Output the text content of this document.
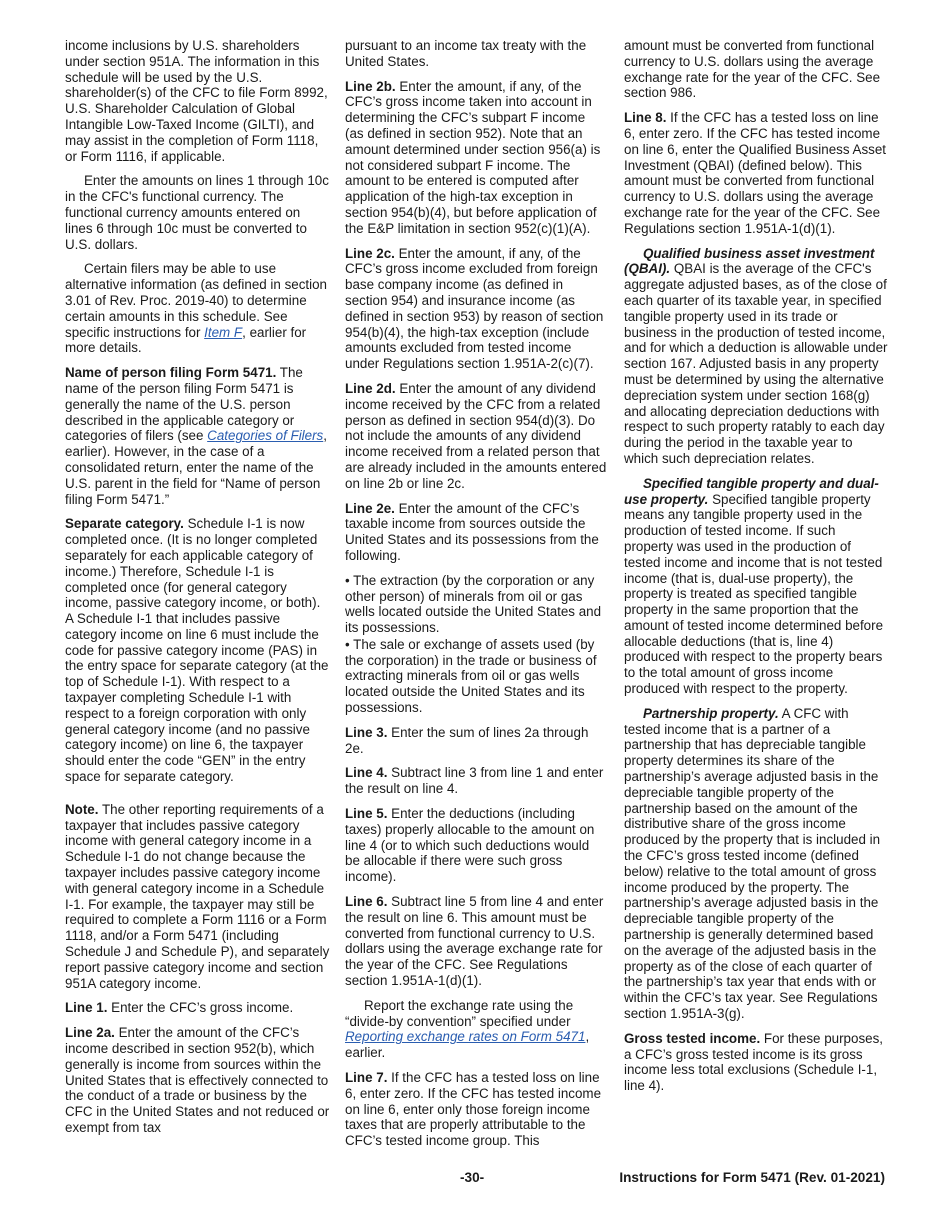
income inclusions by U.S. shareholders under section 951A. The information in this schedule will be used by the U.S. shareholder(s) of the CFC to file Form 8992, U.S. Shareholder Calculation of Global Intangible Low-Taxed Income (GILTI), and may assist in the completion of Form 1118, or Form 1116, if applicable.

Enter the amounts on lines 1 through 10c in the CFC's functional currency. The functional currency amounts entered on lines 6 through 10c must be converted to U.S. dollars.

Certain filers may be able to use alternative information (as defined in section 3.01 of Rev. Proc. 2019-40) to determine certain amounts in this schedule. See specific instructions for Item F, earlier for more details.

Name of person filing Form 5471. The name of the person filing Form 5471 is generally the name of the U.S. person described in the applicable category or categories of filers (see Categories of Filers, earlier). However, in the case of a consolidated return, enter the name of the U.S. parent in the field for “Name of person filing Form 5471.”

Separate category. Schedule I-1 is now completed once. (It is no longer completed separately for each applicable category of income.) Therefore, Schedule I-1 is completed once (for general category income, passive category income, or both). A Schedule I-1 that includes passive category income on line 6 must include the code for passive category income (PAS) in the entry space for separate category (at the top of Schedule I-1). With respect to a taxpayer completing Schedule I-1 with respect to a foreign corporation with only general category income (and no passive category income) on line 6, the taxpayer should enter the code “GEN” in the entry space for separate category.

Note. The other reporting requirements of a taxpayer that includes passive category income with general category income in a Schedule I-1 do not change because the taxpayer includes passive category income with general category income in a Schedule I-1. For example, the taxpayer may still be required to complete a Form 1116 or a Form 1118, and/or a Form 5471 (including Schedule J and Schedule P), and separately report passive category income and section 951A category income.

Line 1. Enter the CFC’s gross income.

Line 2a. Enter the amount of the CFC’s income described in section 952(b), which generally is income from sources within the United States that is effectively connected to the conduct of a trade or business by the CFC in the United States and not reduced or exempt from tax

pursuant to an income tax treaty with the United States.

Line 2b. Enter the amount, if any, of the CFC’s gross income taken into account in determining the CFC’s subpart F income (as defined in section 952). Note that an amount determined under section 956(a) is not considered subpart F income. The amount to be entered is computed after application of the high-tax exception in section 954(b)(4), but before application of the E&P limitation in section 952(c)(1)(A).

Line 2c. Enter the amount, if any, of the CFC’s gross income excluded from foreign base company income (as defined in section 954) and insurance income (as defined in section 953) by reason of section 954(b)(4), the high-tax exception (include amounts excluded from tested income under Regulations section 1.951A-2(c)(7).

Line 2d. Enter the amount of any dividend income received by the CFC from a related person as defined in section 954(d)(3). Do not include the amounts of any dividend income received from a related person that are already included in the amounts entered on line 2b or line 2c.

Line 2e. Enter the amount of the CFC’s taxable income from sources outside the United States and its possessions from the following.

• The extraction (by the corporation or any other person) of minerals from oil or gas wells located outside the United States and its possessions.

• The sale or exchange of assets used (by the corporation) in the trade or business of extracting minerals from oil or gas wells located outside the United States and its possessions.

Line 3. Enter the sum of lines 2a through 2e.

Line 4. Subtract line 3 from line 1 and enter the result on line 4.

Line 5. Enter the deductions (including taxes) properly allocable to the amount on line 4 (or to which such deductions would be allocable if there were such gross income).

Line 6. Subtract line 5 from line 4 and enter the result on line 6. This amount must be converted from functional currency to U.S. dollars using the average exchange rate for the year of the CFC. See Regulations section 1.951A-1(d)(1).

Report the exchange rate using the “divide-by convention” specified under Reporting exchange rates on Form 5471, earlier.

Line 7. If the CFC has a tested loss on line 6, enter zero. If the CFC has tested income on line 6, enter only those foreign income taxes that are properly attributable to the CFC’s tested income group. This

amount must be converted from functional currency to U.S. dollars using the average exchange rate for the year of the CFC. See section 986.

Line 8. If the CFC has a tested loss on line 6, enter zero. If the CFC has tested income on line 6, enter the Qualified Business Asset Investment (QBAI) (defined below). This amount must be converted from functional currency to U.S. dollars using the average exchange rate for the year of the CFC. See Regulations section 1.951A-1(d)(1).

Qualified business asset investment (QBAI). QBAI is the average of the CFC's aggregate adjusted bases, as of the close of each quarter of its taxable year, in specified tangible property used in its trade or business in the production of tested income, and for which a deduction is allowable under section 167. Adjusted basis in any property must be determined by using the alternative depreciation system under section 168(g) and allocating depreciation deductions with respect to such property ratably to each day during the period in the taxable year to which such depreciation relates.

Specified tangible property and dual-use property. Specified tangible property means any tangible property used in the production of tested income. If such property was used in the production of tested income and income that is not tested income (that is, dual-use property), the property is treated as specified tangible property in the same proportion that the amount of tested income determined before allocable deductions (that is, line 4) produced with respect to the property bears to the total amount of gross income produced with respect to the property.

Partnership property. A CFC with tested income that is a partner of a partnership that has depreciable tangible property determines its share of the partnership’s average adjusted basis in the depreciable tangible property of the partnership based on the amount of the distributive share of the gross income produced by the property that is included in the CFC’s gross tested income (defined below) relative to the total amount of gross income produced by the property. The partnership’s average adjusted basis in the depreciable tangible property of the partnership is generally determined based on the average of the adjusted basis in the property as of the close of each quarter of the partnership’s tax year that ends with or within the CFC’s tax year. See Regulations section 1.951A-3(g).

Gross tested income. For these purposes, a CFC’s gross tested income is its gross income less total exclusions (Schedule I-1, line 4).

-30-	Instructions for Form 5471 (Rev. 01-2021)
